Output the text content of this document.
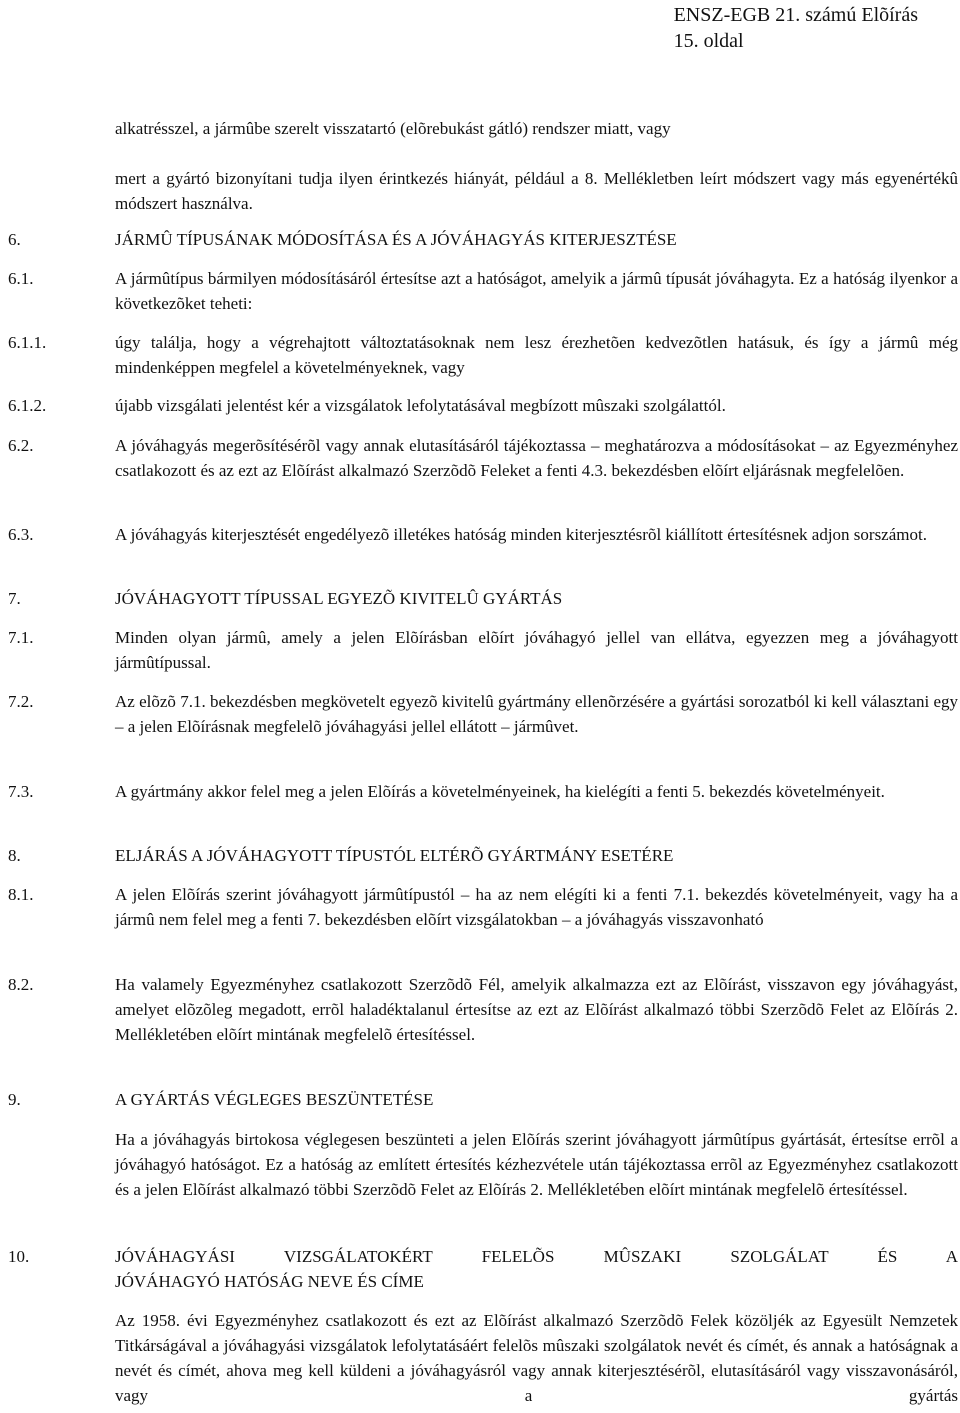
ENSZ-EGB 21. számú Elõírás
15. oldal
alkatrésszel, a jármûbe szerelt visszatartó (elõrebukást gátló) rendszer miatt, vagy
mert a gyártó bizonyítani tudja ilyen érintkezés hiányát, például a 8. Mellékletben leírt módszert vagy más egyenértékû módszert használva.
6.	JÁRMÛ TÍPUSÁNAK MÓDOSÍTÁSA ÉS A JÓVÁHAGYÁS KITERJESZTÉSE
6.1.	A jármûtípus bármilyen módosításáról értesítse azt a hatóságot, amelyik a jármû típusát jóváhagyta. Ez a hatóság ilyenkor a következõket teheti:
6.1.1.	úgy találja, hogy a végrehajtott változtatásoknak nem lesz érezhetõen kedvezõtlen hatásuk, és így a jármû még mindenképpen megfelel a követelményeknek, vagy
6.1.2.	újabb vizsgálati jelentést kér a vizsgálatok lefolytatásával megbízott mûszaki szolgálattól.
6.2.	A jóváhagyás megerõsítésérõl vagy annak elutasításáról tájékoztassa – meghatározva a módosításokat – az Egyezményhez csatlakozott és az ezt az Elõírást alkalmazó Szerzõdõ Feleket a fenti 4.3. bekezdésben elõírt eljárásnak megfelelõen.
6.3.	A jóváhagyás kiterjesztését engedélyezõ illetékes hatóság minden kiterjesztésrõl kiállított értesítésnek adjon sorszámot.
7.	JÓVÁHAGYOTT TÍPUSSAL EGYEZÕ KIVITELÛ GYÁRTÁS
7.1.	Minden olyan jármû, amely a jelen Elõírásban elõírt jóváhagyó jellel van ellátva, egyezzen meg a jóváhagyott jármûtípussal.
7.2.	Az elõzõ 7.1. bekezdésben megkövetelt egyezõ kivitelû gyártmány ellenõrzésére a gyártási sorozatból ki kell választani egy – a jelen Elõírásnak megfelelõ jóváhagyási jellel ellátott – jármûvet.
7.3.	A gyártmány akkor felel meg a jelen Elõírás a követelményeinek, ha kielégíti a fenti 5. bekezdés követelményeit.
8.	ELJÁRÁS A JÓVÁHAGYOTT TÍPUSTÓL ELTÉRÕ GYÁRTMÁNY ESETÉRE
8.1.	A jelen Elõírás szerint jóváhagyott jármûtípustól – ha az nem elégíti ki a fenti 7.1. bekezdés követelményeit, vagy ha a jármû nem felel meg a fenti 7. bekezdésben elõírt vizsgálatokban – a jóváhagyás visszavonható
8.2.	Ha valamely Egyezményhez csatlakozott Szerzõdõ Fél, amelyik alkalmazza ezt az Elõírást, visszavon egy jóváhagyást, amelyet elõzõleg megadott, errõl haladéktalanul értesítse az ezt az Elõírást alkalmazó többi Szerzõdõ Felet az Elõírás 2. Mellékletében elõírt mintának megfelelõ értesítéssel.
9.	A GYÁRTÁS VÉGLEGES BESZÜNTETÉSE
Ha a jóváhagyás birtokosa véglegesen beszünteti a jelen Elõírás szerint jóváhagyott jármûtípus gyártását, értesítse errõl a jóváhagyó hatóságot. Ez a hatóság az említett értesítés kézhezvétele után tájékoztassa errõl az Egyezményhez csatlakozott és a jelen Elõírást alkalmazó többi Szerzõdõ Felet az Elõírás 2. Mellékletében elõírt mintának megfelelõ értesítéssel.
10.	JÓVÁHAGYÁSI VIZSGÁLATOKÉRT FELELÕS MÛSZAKI SZOLGÁLAT ÉS A
JÓVÁHAGYÓ HATÓSÁG NEVE ÉS CÍME
Az 1958. évi Egyezményhez csatlakozott és ezt az Elõírást alkalmazó Szerzõdõ Felek közöljék az Egyesült Nemzetek Titkárságával a jóváhagyási vizsgálatok lefolytatásáért felelõs mûszaki szolgálatok nevét és címét, és annak a hatóságnak a nevét és címét, ahova meg kell küldeni a jóváhagyásról vagy annak kiterjesztésérõl, elutasításáról vagy visszavonásáról, vagy a gyártás
